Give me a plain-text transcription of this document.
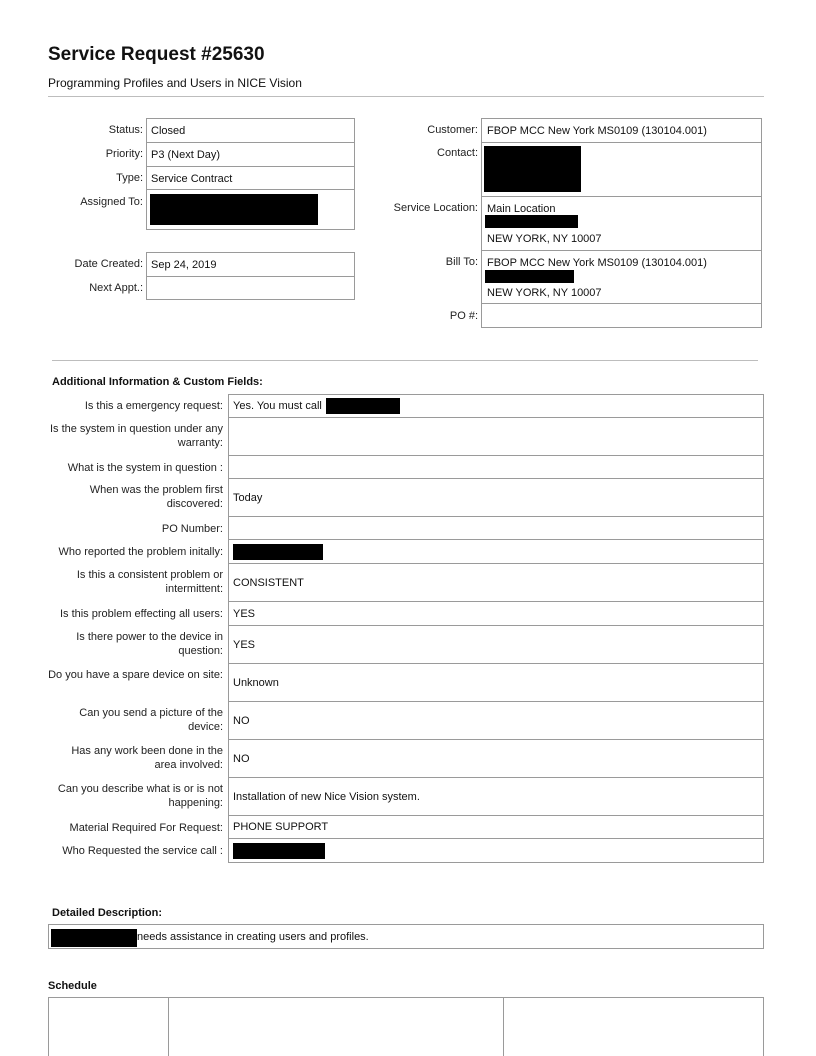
Service Request #25630
Programming Profiles and Users in NICE Vision
Status:
Priority:
Type:
Assigned To:
Closed
P3 (Next Day)
Service Contract
Date Created:
Next Appt.:
Sep 24, 2019
Customer:
Contact:
Service Location:
Bill To:
PO #:
FBOP MCC New York MS0109 (130104.001)
Main Location
NEW YORK, NY 10007
FBOP MCC New York MS0109 (130104.001)
NEW YORK, NY 10007
Additional Information & Custom Fields:
Is this a emergency request: Yes. You must call
Is the system in question under any warranty:
What is the system in question :
When was the problem first discovered:
Today
PO Number:
Who reported the problem initally:
Is this a consistent problem or intermittent:
CONSISTENT
Is this problem effecting all users: YES
Is there power to the device in question:
YES
Do you have a spare device on site:
Unknown
Can you send a picture of the device:
NO
Has any work been done in the area involved:
NO
Can you describe what is or is not happening:
Installation of new Nice Vision system.
Material Required For Request: PHONE SUPPORT
Who Requested the service call :
Detailed Description:
needs assistance in creating users and profiles.
Schedule
